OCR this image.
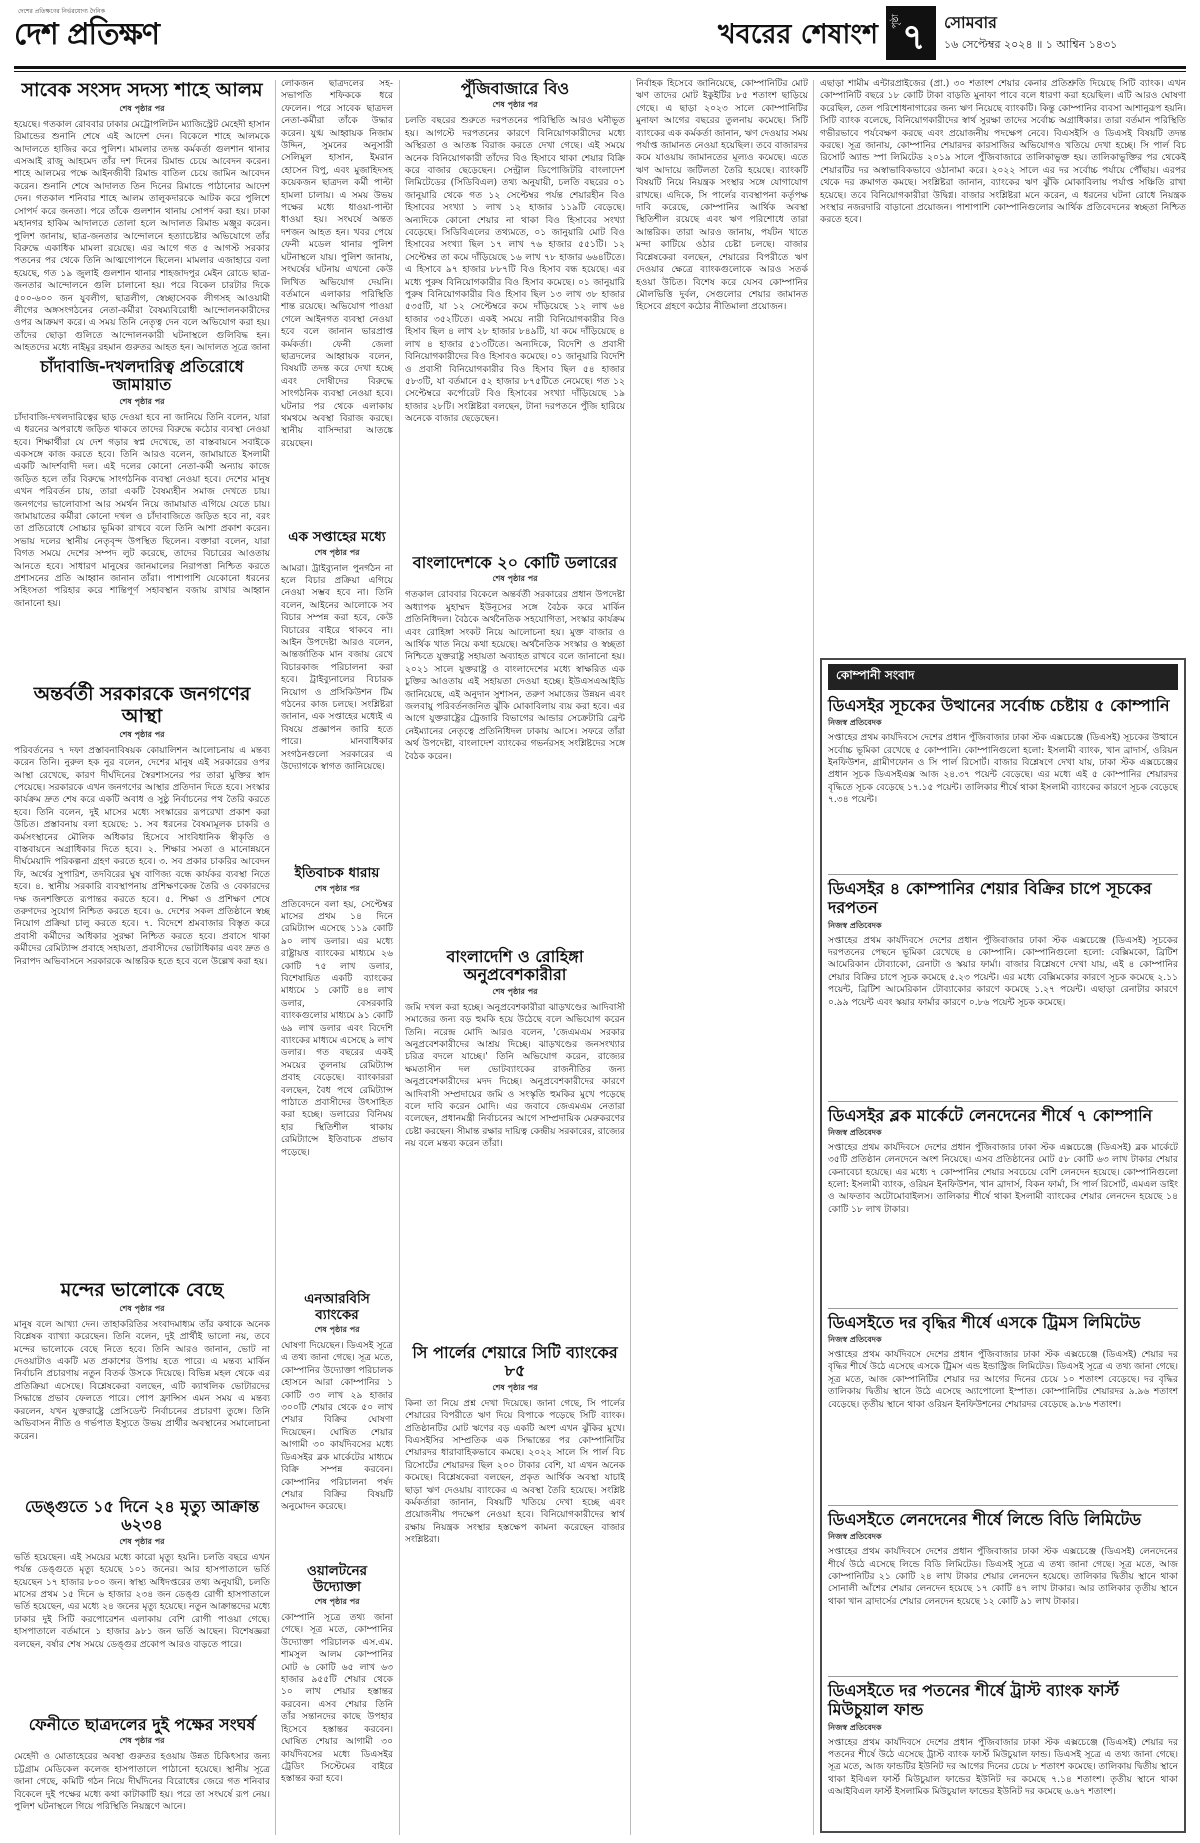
দেশের প্রতিক্ষণের নির্ভরযোগ্য দৈনিক
দেশ প্রতিক্ষণ	খবরের শেষাংশ	পৃষ্ঠা ৭ সোমবার
১৬ সেপ্টেম্বর ২০২৪ ॥ ১ আশ্বিন ১৪৩১
সাবেক সংসদ সদস্য শাহে আলম
শেষ পৃষ্ঠার পর
হয়েছে। গতকাল রোববার ঢাকার মেট্রোপলিটন ম্যাজিস্ট্রেট মেহেদী হাসান রিমান্ডের শুনানি শেষে এই আদেশ দেন। বিকেলে শাহে আলমকে আদালতে হাজির করে পুলিশ। মামলার তদন্ত কর্মকর্তা গুলশান থানার এসআই রাজু আহমেদ তাঁর দশ দিনের রিমান্ড চেয়ে আবেদন করেন। শাহে আলমের পক্ষে আইনজীবী রিমান্ড বাতিল চেয়ে জামিন আবেদন করেন। শুনানি শেষে আদালত তিন দিনের রিমান্ডে পাঠানোর আদেশ দেন। গতকাল শনিবার শাহে আলম তালুকদারকে আটক করে পুলিশে সোপর্দ করে জনতা। পরে তাঁকে গুলশান থানায় সোপর্দ করা হয়। ঢাকা মহানগর হাকিম আদালতে তোলা হলে আদালত রিমান্ড মঞ্জুর করেন। পুলিশ জানায়, ছাত্র-জনতার আন্দোলনে হত্যাচেষ্টার অভিযোগে তাঁর বিরুদ্ধে একাধিক মামলা রয়েছে। এর আগে গত ৫ আগস্ট সরকার পতনের পর থেকে তিনি আত্মগোপনে ছিলেন। মামলার এজাহারে বলা হয়েছে, গত ১৯ জুলাই গুলশান থানার শাহজাদপুর মেইন রোডে ছাত্র-জনতার আন্দোলনে গুলি চালানো হয়। পরে বিকেল চারটার দিকে ৫০০-৬০০ জন যুবলীগ, ছাত্রলীগ, স্বেচ্ছাসেবক লীগসহ আওয়ামী লীগের অঙ্গসংগঠনের নেতা-কর্মীরা বৈষম্যবিরোধী আন্দোলনকারীদের ওপর আক্রমণ করে। এ সময় তিনি নেতৃত্ব দেন বলে অভিযোগ করা হয়। তাঁদের ছোড়া গুলিতে আন্দোলনকারী ঘটনাস্থলে গুলিবিদ্ধ হন। আহতদের মধ্যে নাইমুর রহমান গুরুতর আহত হন। আদালত সূত্রে জানা
চাঁদাবাজি-দখলদারিত্ব প্রতিরোধে জামায়াত
শেষ পৃষ্ঠার পর
চাঁদাবাজি-দখলদারিত্বের ছাড় দেওয়া হবে না জানিয়ে তিনি বলেন, যারা এ ধরনের অপরাধে জড়িত থাকবে তাদের বিরুদ্ধে কঠোর ব্যবস্থা নেওয়া হবে। শিক্ষার্থীরা যে দেশ গড়ার স্বপ্ন দেখেছে, তা বাস্তবায়নে সবাইকে একসঙ্গে কাজ করতে হবে। তিনি আরও বলেন, জামায়াতে ইসলামী একটি আদর্শবাদী দল। এই দলের কোনো নেতা-কর্মী অন্যায় কাজে জড়িত হলে তাঁর বিরুদ্ধে সাংগঠনিক ব্যবস্থা নেওয়া হবে। দেশের মানুষ এখন পরিবর্তন চায়, তারা একটি বৈষম্যহীন সমাজ দেখতে চায়। জনগণের ভালোবাসা আর সমর্থন নিয়ে জামায়াত এগিয়ে যেতে চায়। জামায়াতের কর্মীরা কোনো দখল ও চাঁদাবাজিতে জড়িত হবে না, বরং তা প্রতিরোধে সোচ্চার ভূমিকা রাখবে বলে তিনি আশা প্রকাশ করেন। সভায় দলের স্থানীয় নেতৃবৃন্দ উপস্থিত ছিলেন। বক্তারা বলেন, যারা বিগত সময়ে দেশের সম্পদ লুট করেছে, তাদের বিচারের আওতায় আনতে হবে। সাধারণ মানুষের জানমালের নিরাপত্তা নিশ্চিত করতে প্রশাসনের প্রতি আহ্বান জানান তাঁরা। পাশাপাশি যেকোনো ধরনের সহিংসতা পরিহার করে শান্তিপূর্ণ সহাবস্থান বজায় রাখার আহ্বান জানানো হয়।
অন্তর্বর্তী সরকারকে জনগণের আস্থা
শেষ পৃষ্ঠার পর
পরিবর্তনের ৭ দফা প্রস্তাবনাবিষয়ক কোয়ালিশন আলোচনায় এ মন্তব্য করেন তিনি। নুরুল হক নুর বলেন, দেশের মানুষ এই সরকারের ওপর আস্থা রেখেছে, কারণ দীর্ঘদিনের স্বৈরশাসনের পর তারা মুক্তির স্বাদ পেয়েছে। সরকারকে এখন জনগণের আস্থার প্রতিদান দিতে হবে। সংস্কার কার্যক্রম দ্রুত শেষ করে একটি অবাধ ও সুষ্ঠু নির্বাচনের পথ তৈরি করতে হবে। তিনি বলেন, দুই মাসের মধ্যে সংস্কারের রূপরেখা প্রকাশ করা উচিত। প্রস্তাবনায় বলা হয়েছে: ১. সব ধরনের বৈষম্যমূলক চাকরি ও কর্মসংস্থানের মৌলিক অধিকার হিসেবে সাংবিধানিক স্বীকৃতি ও বাস্তবায়নে অগ্রাধিকার দিতে হবে। ২. শিক্ষার সমতা ও মানোন্নয়নে দীর্ঘমেয়াদি পরিকল্পনা গ্রহণ করতে হবে। ৩. সব প্রকার চাকরির আবেদন ফি, অর্থের সুপারিশ, তদবিরের ঘুষ বাণিজ্য বন্ধে কার্যকর ব্যবস্থা নিতে হবে। ৪. স্থানীয় সরকারি ব্যবস্থাপনায় প্রশিক্ষণকেন্দ্র তৈরি ও বেকারদের দক্ষ জনশক্তিতে রূপান্তর করতে হবে। ৫. শিক্ষা ও প্রশিক্ষণ শেষে তরুণদের সুযোগ নিশ্চিত করতে হবে। ৬. দেশের সকল প্রতিষ্ঠানে স্বচ্ছ নিয়োগ প্রক্রিয়া চালু করতে হবে। ৭. বিদেশে শ্রমবাজার বিস্তৃত করে প্রবাসী কর্মীদের অধিকার সুরক্ষা নিশ্চিত করতে হবে। প্রবাসে থাকা কর্মীদের রেমিট্যান্স প্রবাহে সহায়তা, প্রবাসীদের ভোটাধিকার এবং দ্রুত ও নিরাপদ অভিবাসনে সরকারকে আন্তরিক হতে হবে বলে উল্লেখ করা হয়।
মন্দের ভালোকে বেছে
শেষ পৃষ্ঠার পর
মানুষ বলে আখ্যা দেন। তাহাকরিতির সংবাদমাধ্যম তাঁর কথাকে অনেক বিশ্লেষক ব্যাখ্যা করেছেন। তিনি বলেন, দুই প্রার্থীই ভালো নয়, তবে মন্দের ভালোকে বেছে নিতে হবে। তিনি আরও জানান, ভোট না দেওয়াটাও একটি মত প্রকাশের উপায় হতে পারে। এ মন্তব্য মার্কিন নির্বাচনি প্রচারণায় নতুন বিতর্ক উসকে দিয়েছে। বিভিন্ন মহল থেকে এর প্রতিক্রিয়া এসেছে। বিশ্লেষকেরা বলছেন, এটি ক্যাথলিক ভোটারদের সিদ্ধান্তে প্রভাব ফেলতে পারে। পোপ ফ্রান্সিস এমন সময় এ মন্তব্য করলেন, যখন যুক্তরাষ্ট্রে প্রেসিডেন্ট নির্বাচনের প্রচারণা তুঙ্গে। তিনি অভিবাসন নীতি ও গর্ভপাত ইস্যুতে উভয় প্রার্থীর অবস্থানের সমালোচনা করেন।
ডেঙ্গুতে ১৫ দিনে ২৪ মৃত্যু আক্রান্ত ৬২৩৪
শেষ পৃষ্ঠার পর
ভর্তি হয়েছেন। এই সময়ের মধ্যে কারো মৃত্যু হয়নি। চলতি বছরে এখন পর্যন্ত ডেঙ্গুতে মৃত্যু হয়েছে ১০১ জনের। আর হাসপাতালে ভর্তি হয়েছেন ১৭ হাজার ৮০০ জন। স্বাস্থ্য অধিদপ্তরের তথ্য অনুযায়ী, চলতি মাসের প্রথম ১৫ দিনে ৬ হাজার ২৩৪ জন ডেঙ্গু রোগী হাসপাতালে ভর্তি হয়েছেন, এর মধ্যে ২৪ জনের মৃত্যু হয়েছে। নতুন আক্রান্তদের মধ্যে ঢাকার দুই সিটি করপোরেশন এলাকায় বেশি রোগী পাওয়া গেছে। হাসপাতালে বর্তমানে ১ হাজার ৯৮১ জন ভর্তি আছেন। বিশেষজ্ঞরা বলছেন, বর্ষার শেষ সময়ে ডেঙ্গুর প্রকোপ আরও বাড়তে পারে।
ফেনীতে ছাত্রদলের দুই পক্ষের সংঘর্ষ
শেষ পৃষ্ঠার পর
মেহেদী ও মোতাহেরের অবস্থা গুরুতর হওয়ায় উন্নত চিকিৎসার জন্য চট্টগ্রাম মেডিকেল কলেজ হাসপাতালে পাঠানো হয়েছে। স্থানীয় সূত্রে জানা গেছে, কমিটি গঠন নিয়ে দীর্ঘদিনের বিরোধের জেরে গত শনিবার বিকেলে দুই পক্ষের মধ্যে কথা কাটাকাটি হয়। পরে তা সংঘর্ষে রূপ নেয়। পুলিশ ঘটনাস্থলে গিয়ে পরিস্থিতি নিয়ন্ত্রণে আনে।
লোকজন ছাত্রদলের সহ-সভাপতি শফিককে ধরে ফেলেন। পরে সাবেক ছাত্রদল নেতা-কর্মীরা তাঁকে উদ্ধার করেন। যুগ্ম আহ্বায়ক নিজাম উদ্দিন, সুমনের অনুসারী সেলিমুল হাসান, ইমরান হোসেন বিপু, এবং মুজাহিদসহ কয়েকজন ছাত্রদল কর্মী পাল্টা হামলা চালায়। এ সময় উভয় পক্ষের মধ্যে ধাওয়া-পাল্টা ধাওয়া হয়। সংঘর্ষে অন্তত দশজন আহত হন। খবর পেয়ে ফেনী মডেল থানার পুলিশ ঘটনাস্থলে যায়। পুলিশ জানায়, সংঘর্ষের ঘটনায় এখনো কেউ লিখিত অভিযোগ দেয়নি। বর্তমানে এলাকার পরিস্থিতি শান্ত রয়েছে। অভিযোগ পাওয়া গেলে আইনগত ব্যবস্থা নেওয়া হবে বলে জানান ভারপ্রাপ্ত কর্মকর্তা। ফেনী জেলা ছাত্রদলের আহ্বায়ক বলেন, বিষয়টি তদন্ত করে দেখা হচ্ছে এবং দোষীদের বিরুদ্ধে সাংগঠনিক ব্যবস্থা নেওয়া হবে। ঘটনার পর থেকে এলাকায় থমথমে অবস্থা বিরাজ করছে। স্থানীয় বাসিন্দারা আতঙ্কে রয়েছেন।
এক সপ্তাহের মধ্যে
শেষ পৃষ্ঠার পর
আমরা। ট্রাইব্যুনাল পুনর্গঠন না হলে বিচার প্রক্রিয়া এগিয়ে নেওয়া সম্ভব হবে না। তিনি বলেন, আইনের আলোকে সব বিচার সম্পন্ন করা হবে, কেউ বিচারের বাইরে থাকবে না। আইন উপদেষ্টা আরও বলেন, আন্তর্জাতিক মান বজায় রেখে বিচারকাজ পরিচালনা করা হবে। ট্রাইব্যুনালের বিচারক নিয়োগ ও প্রসিকিউশন টিম গঠনের কাজ চলছে। সংশ্লিষ্টরা জানান, এক সপ্তাহের মধ্যেই এ বিষয়ে প্রজ্ঞাপন জারি হতে পারে। মানবাধিকার সংগঠনগুলো সরকারের এ উদ্যোগকে স্বাগত জানিয়েছে।
ইতিবাচক ধারায়
শেষ পৃষ্ঠার পর
প্রতিবেদনে বলা হয়, সেপ্টেম্বর মাসের প্রথম ১৪ দিনে রেমিট্যান্স এসেছে ১১৯ কোটি ৯০ লাখ ডলার। এর মধ্যে রাষ্ট্রায়ত্ত ব্যাংকের মাধ্যমে ২৬ কোটি ৭৫ লাখ ডলার, বিশেষায়িত একটি ব্যাংকের মাধ্যমে ১ কোটি ৪৪ লাখ ডলার, বেসরকারি ব্যাংকগুলোর মাধ্যমে ৯১ কোটি ৬৯ লাখ ডলার এবং বিদেশি ব্যাংকের মাধ্যমে এসেছে ৯ লাখ ডলার। গত বছরের একই সময়ের তুলনায় রেমিট্যান্স প্রবাহ বেড়েছে। ব্যাংকাররা বলছেন, বৈধ পথে রেমিট্যান্স পাঠাতে প্রবাসীদের উৎসাহিত করা হচ্ছে। ডলারের বিনিময় হার স্থিতিশীল থাকায় রেমিট্যান্সে ইতিবাচক প্রভাব পড়েছে।
এনআরবিসি ব্যাংকের
শেষ পৃষ্ঠার পর
ঘোষণা দিয়েছেন। ডিএসই সূত্রে এ তথ্য জানা গেছে। সূত্র মতে, কোম্পানির উদ্যোক্তা পরিচালক হোসনে আরা কোম্পানির ১ কোটি ৩৩ লাখ ২৯ হাজার ৩০০টি শেয়ার থেকে ৫০ লাখ শেয়ার বিক্রির ঘোষণা দিয়েছেন। ঘোষিত শেয়ার আগামী ৩০ কার্যদিবসের মধ্যে ডিএসইর ব্লক মার্কেটের মাধ্যমে বিক্রি সম্পন্ন করবেন। কোম্পানির পরিচালনা পর্ষদ শেয়ার বিক্রির বিষয়টি অনুমোদন করেছে।
ওয়ালটনের উদ্যোক্তা
শেষ পৃষ্ঠার পর
কোম্পানি সূত্রে তথ্য জানা গেছে। সূত্র মতে, কোম্পানির উদ্যোক্তা পরিচালক এস.এম. শামসুল আলম কোম্পানির মোট ৬ কোটি ৬৫ লাখ ৬৩ হাজার ৯৫৫টি শেয়ার থেকে ১০ লাখ শেয়ার হস্তান্তর করবেন। এসব শেয়ার তিনি তাঁর সন্তানদের কাছে উপহার হিসেবে হস্তান্তর করবেন। ঘোষিত শেয়ার আগামী ৩০ কার্যদিবসের মধ্যে ডিএসইর ট্রেডিং সিস্টেমের বাইরে হস্তান্তর করা হবে।
পুঁজিবাজারে বিও
শেষ পৃষ্ঠার পর
চলতি বছরের শুরুতে দরপতনের পরিস্থিতি আরও ঘনীভূত হয়। আগস্টে দরপতনের কারণে বিনিয়োগকারীদের মধ্যে অস্থিরতা ও আতঙ্ক বিরাজ করতে দেখা গেছে। এই সময়ে অনেক বিনিয়োগকারী তাঁদের বিও হিসাবে থাকা শেয়ার বিক্রি করে বাজার ছেড়েছেন। সেন্ট্রাল ডিপোজিটরি বাংলাদেশ লিমিটেডের (সিডিবিএল) তথ্য অনুযায়ী, চলতি বছরের ০১ জানুয়ারি থেকে গত ১২ সেপ্টেম্বর পর্যন্ত শেয়ারহীন বিও হিসাবের সংখ্যা ১ লাখ ১২ হাজার ১১৯টি বেড়েছে। অন্যদিকে কোনো শেয়ার না থাকা বিও হিসাবের সংখ্যা বেড়েছে। সিডিবিএলের তথ্যমতে, ০১ জানুয়ারি মোট বিও হিসাবের সংখ্যা ছিল ১৭ লাখ ৭৬ হাজার ৫৫১টি। ১২ সেপ্টেম্বর তা কমে দাঁড়িয়েছে ১৬ লাখ ৭৮ হাজার ৬৬৪টিতে। এ হিসাবে ৯৭ হাজার ৮৮৭টি বিও হিসাব বন্ধ হয়েছে। এর মধ্যে পুরুষ বিনিয়োগকারীর বিও হিসাব কমেছে। ০১ জানুয়ারি পুরুষ বিনিয়োগকারীর বিও হিসাব ছিল ১৩ লাখ ৩৮ হাজার ৫৩৫টি, যা ১২ সেপ্টেম্বরে কমে দাঁড়িয়েছে ১২ লাখ ৬৪ হাজার ৩৫২টিতে। একই সময়ে নারী বিনিয়োগকারীর বিও হিসাব ছিল ৪ লাখ ২৮ হাজার ৮৪৯টি, যা কমে দাঁড়িয়েছে ৪ লাখ ৪ হাজার ৫১৩টিতে। অন্যদিকে, বিদেশি ও প্রবাসী বিনিয়োগকারীদের বিও হিসাবও কমেছে। ০১ জানুয়ারি বিদেশি ও প্রবাসী বিনিয়োগকারীর বিও হিসাব ছিল ৫৪ হাজার ৫৮৩টি, যা বর্তমানে ৫২ হাজার ৮৭৫টিতে নেমেছে। গত ১২ সেপ্টেম্বরে কর্পোরেট বিও হিসাবের সংখ্যা দাঁড়িয়েছে ১৯ হাজার ২৮টি। সংশ্লিষ্টরা বলছেন, টানা দরপতনে পুঁজি হারিয়ে অনেকে বাজার ছেড়েছেন।
বাংলাদেশকে ২০ কোটি ডলারের
শেষ পৃষ্ঠার পর
গতকাল রোববার বিকেলে অন্তর্বর্তী সরকারের প্রধান উপদেষ্টা অধ্যাপক মুহাম্মদ ইউনূসের সঙ্গে বৈঠক করে মার্কিন প্রতিনিধিদল। বৈঠকে অর্থনৈতিক সহযোগিতা, সংস্কার কার্যক্রম এবং রোহিঙ্গা সংকট নিয়ে আলোচনা হয়। মুক্ত বাজার ও আর্থিক খাত নিয়ে কথা হয়েছে। অর্থনৈতিক সংস্কার ও স্বচ্ছতা নিশ্চিতে যুক্তরাষ্ট্র সহায়তা অব্যাহত রাখবে বলে জানানো হয়। ২০২১ সালে যুক্তরাষ্ট্র ও বাংলাদেশের মধ্যে স্বাক্ষরিত এক চুক্তির আওতায় এই সহায়তা দেওয়া হচ্ছে। ইউএসএআইডি জানিয়েছে, এই অনুদান সুশাসন, তরুণ সমাজের উন্নয়ন এবং জলবায়ু পরিবর্তনজনিত ঝুঁকি মোকাবিলায় ব্যয় করা হবে। এর আগে যুক্তরাষ্ট্রের ট্রেজারি বিভাগের আন্ডার সেক্রেটারি ব্রেন্ট নেইম্যানের নেতৃত্বে প্রতিনিধিদল ঢাকায় আসে। সফরে তাঁরা অর্থ উপদেষ্টা, বাংলাদেশ ব্যাংকের গভর্নরসহ সংশ্লিষ্টদের সঙ্গে বৈঠক করেন।
বাংলাদেশি ও রোহিঙ্গা অনুপ্রবেশকারীরা
শেষ পৃষ্ঠার পর
জমি দখল করা হচ্ছে। অনুপ্রবেশকারীরা ঝাড়খণ্ডের আদিবাসী সমাজের জন্য বড় হুমকি হয়ে উঠেছে বলে অভিযোগ করেন তিনি। নরেন্দ্র মোদি আরও বলেন, 'জেএমএম সরকার অনুপ্রবেশকারীদের আশ্রয় দিচ্ছে। ঝাড়খণ্ডের জনসংখ্যার চরিত্র বদলে যাচ্ছে।' তিনি অভিযোগ করেন, রাজ্যের ক্ষমতাসীন দল ভোটব্যাংকের রাজনীতির জন্য অনুপ্রবেশকারীদের মদদ দিচ্ছে। অনুপ্রবেশকারীদের কারণে আদিবাসী সম্প্রদায়ের জমি ও সংস্কৃতি হুমকির মুখে পড়েছে বলে দাবি করেন মোদি। এর জবাবে জেএমএম নেতারা বলেছেন, প্রধানমন্ত্রী নির্বাচনের আগে সাম্প্রদায়িক মেরুকরণের চেষ্টা করছেন। সীমান্ত রক্ষার দায়িত্ব কেন্দ্রীয় সরকারের, রাজ্যের নয় বলে মন্তব্য করেন তাঁরা।
সি পার্লের শেয়ারে সিটি ব্যাংকের ৮৫
শেষ পৃষ্ঠার পর
কিনা তা নিয়ে প্রশ্ন দেখা দিয়েছে। জানা গেছে, সি পার্লের শেয়ারের বিপরীতে ঋণ দিয়ে বিপাকে পড়েছে সিটি ব্যাংক। প্রতিষ্ঠানটির মোট ঋণের বড় একটি অংশ এখন ঝুঁকির মুখে। বিএসইসির সাম্প্রতিক এক সিদ্ধান্তের পর কোম্পানিটির শেয়ারদর ধারাবাহিকভাবে কমছে। ২০২২ সালে সি পার্ল বিচ রিসোর্টের শেয়ারদর ছিল ২০০ টাকার বেশি, যা এখন অনেক কমেছে। বিশ্লেষকেরা বলছেন, প্রকৃত আর্থিক অবস্থা যাচাই ছাড়া ঋণ দেওয়ায় ব্যাংকের এ অবস্থা তৈরি হয়েছে। সংশ্লিষ্ট কর্মকর্তারা জানান, বিষয়টি খতিয়ে দেখা হচ্ছে এবং প্রয়োজনীয় পদক্ষেপ নেওয়া হবে। বিনিয়োগকারীদের স্বার্থ রক্ষায় নিয়ন্ত্রক সংস্থার হস্তক্ষেপ কামনা করেছেন বাজার সংশ্লিষ্টরা।
নির্বাহক হিসেবে জানিয়েছে, কোম্পানিটির মোট ঋণ তাদের মোট ইকুইটির ৮৫ শতাংশ ছাড়িয়ে গেছে। এ ছাড়া ২০২৩ সালে কোম্পানিটির মুনাফা আগের বছরের তুলনায় কমেছে। সিটি ব্যাংকের এক কর্মকর্তা জানান, ঋণ দেওয়ার সময় পর্যাপ্ত জামানত নেওয়া হয়েছিল। তবে বাজারদর কমে যাওয়ায় জামানতের মূল্যও কমেছে। এতে ঋণ আদায়ে জটিলতা তৈরি হয়েছে। ব্যাংকটি বিষয়টি নিয়ে নিয়ন্ত্রক সংস্থার সঙ্গে যোগাযোগ রাখছে। এদিকে, সি পার্লের ব্যবস্থাপনা কর্তৃপক্ষ দাবি করেছে, কোম্পানির আর্থিক অবস্থা স্থিতিশীল রয়েছে এবং ঋণ পরিশোধে তারা আন্তরিক। তারা আরও জানায়, পর্যটন খাতে মন্দা কাটিয়ে ওঠার চেষ্টা চলছে। বাজার বিশ্লেষকেরা বলছেন, শেয়ারের বিপরীতে ঋণ দেওয়ার ক্ষেত্রে ব্যাংকগুলোকে আরও সতর্ক হওয়া উচিত। বিশেষ করে যেসব কোম্পানির মৌলভিত্তি দুর্বল, সেগুলোর শেয়ার জামানত হিসেবে গ্রহণে কঠোর নীতিমালা প্রয়োজন।
এছাড়া শামীম এন্টারপ্রাইজের (প্রা.) ৩০ শতাংশ শেয়ার কেনার প্রতিশ্রুতি দিয়েছে সিটি ব্যাংক। এখন কোম্পানিটি বছরে ১৮ কোটি টাকা বাড়তি মুনাফা পাবে বলে ধারণা করা হয়েছিল। এটি আরও ঘোষণা করেছিল, তেল পরিশোধনাগারের জন্য ঋণ নিয়েছে ব্যাংকটি। কিন্তু কোম্পানির ব্যবসা আশানুরূপ হয়নি। সিটি ব্যাংক বলেছে, বিনিয়োগকারীদের স্বার্থ সুরক্ষা তাদের সর্বোচ্চ অগ্রাধিকার। তারা বর্তমান পরিস্থিতি গভীরভাবে পর্যবেক্ষণ করছে এবং প্রয়োজনীয় পদক্ষেপ নেবে। বিএসইসি ও ডিএসই বিষয়টি তদন্ত করছে। সূত্র জানায়, কোম্পানির শেয়ারদর কারসাজির অভিযোগও খতিয়ে দেখা হচ্ছে। সি পার্ল বিচ রিসোর্ট অ্যান্ড স্পা লিমিটেড ২০১৯ সালে পুঁজিবাজারে তালিকাভুক্ত হয়। তালিকাভুক্তির পর থেকেই শেয়ারটির দর অস্বাভাবিকভাবে ওঠানামা করে। ২০২২ সালে এর দর সর্বোচ্চ পর্যায়ে পৌঁছায়। এরপর থেকে দর ক্রমাগত কমছে। সংশ্লিষ্টরা জানান, ব্যাংকের ঋণ ঝুঁকি মোকাবিলায় পর্যাপ্ত সঞ্চিতি রাখা হয়েছে। তবে বিনিয়োগকারীরা উদ্বিগ্ন। বাজার সংশ্লিষ্টরা মনে করেন, এ ধরনের ঘটনা রোধে নিয়ন্ত্রক সংস্থার নজরদারি বাড়ানো প্রয়োজন। পাশাপাশি কোম্পানিগুলোর আর্থিক প্রতিবেদনের স্বচ্ছতা নিশ্চিত করতে হবে।
কোম্পানী সংবাদ
ডিএসইর সূচকের উত্থানের সর্বোচ্চ চেষ্টায় ৫ কোম্পানি
নিজস্ব প্রতিবেদক
সপ্তাহের প্রথম কার্যদিবসে দেশের প্রধান পুঁজিবাজার ঢাকা স্টক এক্সচেঞ্জে (ডিএসই) সূচকের উত্থানে সর্বোচ্চ ভূমিকা রেখেছে ৫ কোম্পানি। কোম্পানিগুলো হলো: ইসলামী ব্যাংক, খান ব্রাদার্স, ওরিয়ন ইনফিউশন, গ্রামীণফোন ও সি পার্ল রিসোর্ট। বাজার বিশ্লেষণে দেখা যায়, ঢাকা স্টক এক্সচেঞ্জের প্রধান সূচক ডিএসইএক্স আজ ২৪.৩৭ পয়েন্ট বেড়েছে। এর মধ্যে এই ৫ কোম্পানির শেয়ারদর বৃদ্ধিতে সূচক বেড়েছে ১৭.১৫ পয়েন্ট। তালিকার শীর্ষে থাকা ইসলামী ব্যাংকের কারণে সূচক বেড়েছে ৭.৩৪ পয়েন্ট।
ডিএসইর ৪ কোম্পানির শেয়ার বিক্রির চাপে সূচকের দরপতন
নিজস্ব প্রতিবেদক
সপ্তাহের প্রথম কার্যদিবসে দেশের প্রধান পুঁজিবাজার ঢাকা স্টক এক্সচেঞ্জে (ডিএসই) সূচকের দরপতনের পেছনে ভূমিকা রেখেছে ৪ কোম্পানি। কোম্পানিগুলো হলো: বেক্সিমকো, ব্রিটিশ আমেরিকান টোব্যাকো, রেনাটা ও স্কয়ার ফার্মা। বাজার বিশ্লেষণে দেখা যায়, এই ৪ কোম্পানির শেয়ার বিক্রির চাপে সূচক কমেছে ৫.২৩ পয়েন্ট। এর মধ্যে বেক্সিমকোর কারণে সূচক কমেছে ২.১১ পয়েন্ট, ব্রিটিশ আমেরিকান টোব্যাকোর কারণে কমেছে ১.২৭ পয়েন্ট। এছাড়া রেনাটার কারণে ০.৯৯ পয়েন্ট এবং স্কয়ার ফার্মার কারণে ০.৮৬ পয়েন্ট সূচক কমেছে।
ডিএসইর ব্লক মার্কেটে লেনদেনের শীর্ষে ৭ কোম্পানি
নিজস্ব প্রতিবেদক
সপ্তাহের প্রথম কার্যদিবসে দেশের প্রধান পুঁজিবাজার ঢাকা স্টক এক্সচেঞ্জে (ডিএসই) ব্লক মার্কেটে ৩৫টি প্রতিষ্ঠান লেনদেনে অংশ নিয়েছে। এসব প্রতিষ্ঠানের মোট ৫৮ কোটি ৬৩ লাখ টাকার শেয়ার কেনাবেচা হয়েছে। এর মধ্যে ৭ কোম্পানির শেয়ার সবচেয়ে বেশি লেনদেন হয়েছে। কোম্পানিগুলো হলো: ইসলামী ব্যাংক, ওরিয়ন ইনফিউশন, খান ব্রাদার্স, বিকন ফার্মা, সি পার্ল রিসোর্ট, এমএল ডাইং ও আফতাব অটোমোবাইলস। তালিকার শীর্ষে থাকা ইসলামী ব্যাংকের শেয়ার লেনদেন হয়েছে ১৪ কোটি ১৮ লাখ টাকার।
ডিএসইতে দর বৃদ্ধির শীর্ষে এসকে ট্রিমস লিমিটেড
নিজস্ব প্রতিবেদক
সপ্তাহের প্রথম কার্যদিবসে দেশের প্রধান পুঁজিবাজার ঢাকা স্টক এক্সচেঞ্জে (ডিএসই) শেয়ার দর বৃদ্ধির শীর্ষে উঠে এসেছে এসকে ট্রিমস এন্ড ইন্ডাস্ট্রিজ লিমিটেড। ডিএসই সূত্রে এ তথ্য জানা গেছে। সূত্র মতে, আজ কোম্পানিটির শেয়ার দর আগের দিনের চেয়ে ১০ শতাংশ বেড়েছে। দর বৃদ্ধির তালিকায় দ্বিতীয় স্থানে উঠে এসেছে অ্যাপোলো ইস্পাত। কোম্পানিটির শেয়ারদর ৯.৯৬ শতাংশ বেড়েছে। তৃতীয় স্থানে থাকা ওরিয়ন ইনফিউশনের শেয়ারদর বেড়েছে ৯.৮৬ শতাংশ।
ডিএসইতে লেনদেনের শীর্ষে লিন্ডে বিডি লিমিটেড
নিজস্ব প্রতিবেদক
সপ্তাহের প্রথম কার্যদিবসে দেশের প্রধান পুঁজিবাজার ঢাকা স্টক এক্সচেঞ্জে (ডিএসই) লেনদেনের শীর্ষে উঠে এসেছে লিন্ডে বিডি লিমিটেড। ডিএসই সূত্রে এ তথ্য জানা গেছে। সূত্র মতে, আজ কোম্পানিটির ২১ কোটি ২৪ লাখ টাকার শেয়ার লেনদেন হয়েছে। তালিকার দ্বিতীয় স্থানে থাকা সোনালী আঁশের শেয়ার লেনদেন হয়েছে ১৭ কোটি ৪৭ লাখ টাকার। আর তালিকার তৃতীয় স্থানে থাকা খান ব্রাদার্সের শেয়ার লেনদেন হয়েছে ১২ কোটি ৯১ লাখ টাকার।
ডিএসইতে দর পতনের শীর্ষে ট্রাস্ট ব্যাংক ফার্স্ট মিউচুয়াল ফান্ড
নিজস্ব প্রতিবেদক
সপ্তাহের প্রথম কার্যদিবসে দেশের প্রধান পুঁজিবাজার ঢাকা স্টক এক্সচেঞ্জে (ডিএসই) শেয়ার দর পতনের শীর্ষে উঠে এসেছে ট্রাস্ট ব্যাংক ফার্স্ট মিউচুয়াল ফান্ড। ডিএসই সূত্রে এ তথ্য জানা গেছে। সূত্র মতে, আজ ফান্ডটির ইউনিট দর আগের দিনের চেয়ে ৮ শতাংশ কমেছে। তালিকায় দ্বিতীয় স্থানে থাকা ইবিএল ফার্স্ট মিউচুয়াল ফান্ডের ইউনিট দর কমেছে ৭.১৪ শতাংশ। তৃতীয় স্থানে থাকা এআইবিএল ফার্স্ট ইসলামিক মিউচুয়াল ফান্ডের ইউনিট দর কমেছে ৬.৬৭ শতাংশ।
